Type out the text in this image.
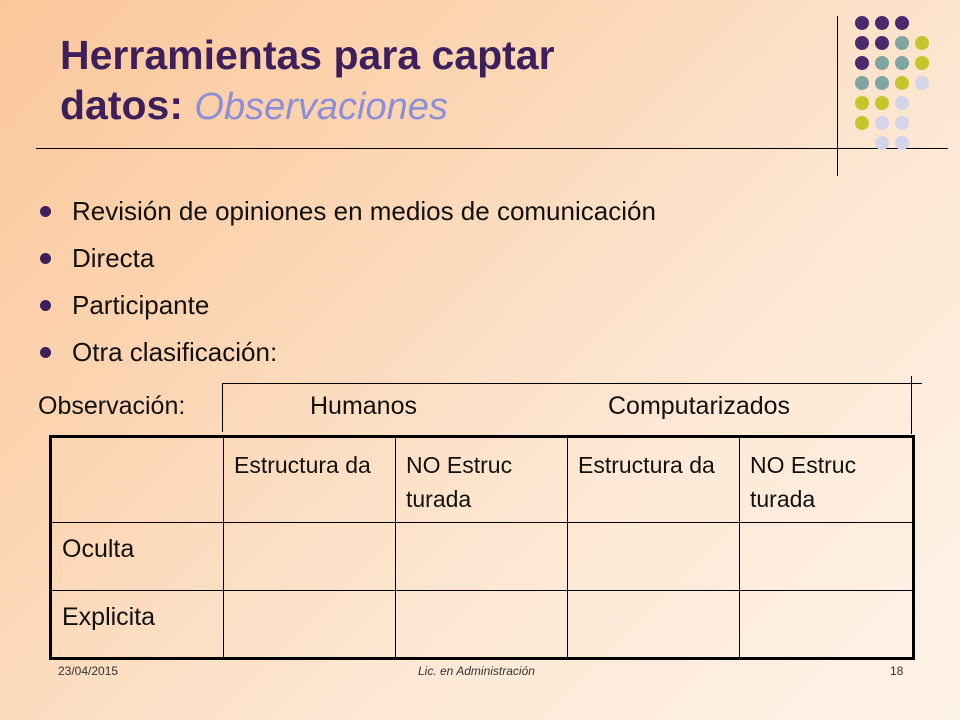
Herramientas para captar
datos: Observaciones
Revisión de opiniones en medios de comunicación
Directa
Participante
Otra clasificación:
Observación:	Humanos	Computarizados
	Estructura da	NO Estruc turada	Estructura da	NO Estruc turada
Oculta				
Explicita				
23/04/2015	Lic. en Administración	18
